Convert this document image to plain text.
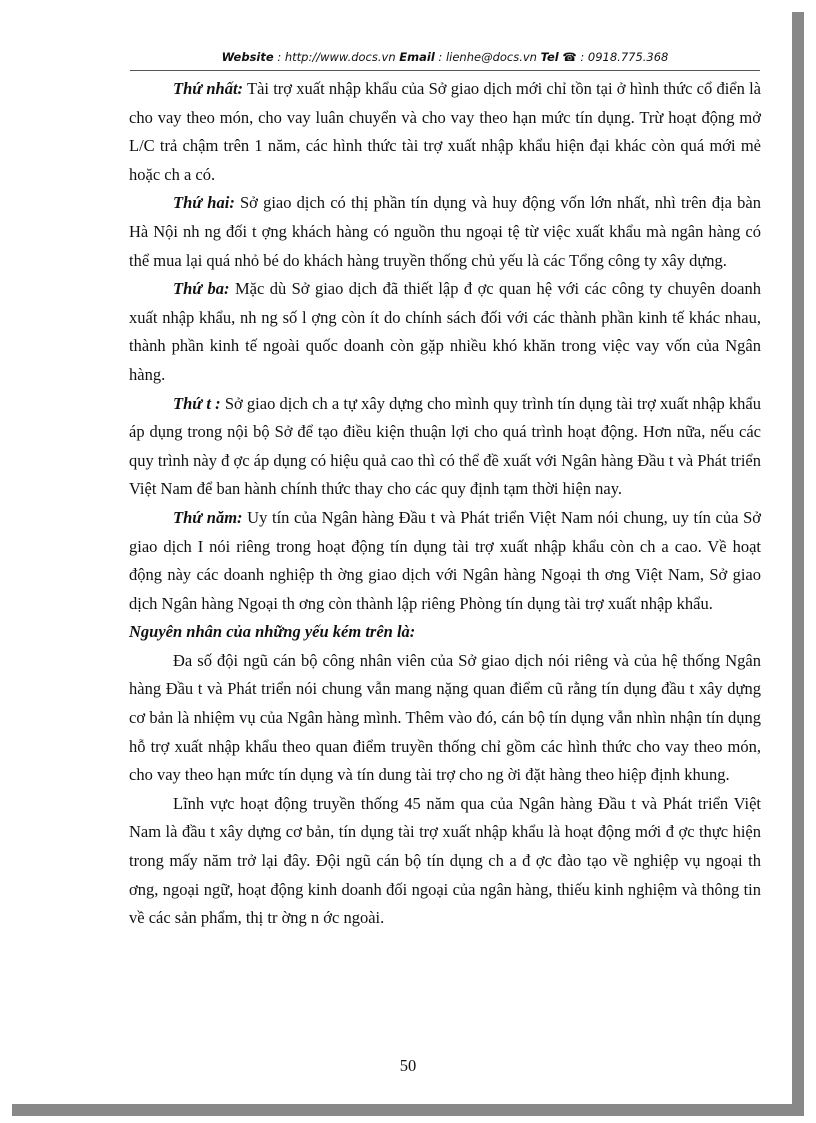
Website : http://www.docs.vn Email : lienhe@docs.vn Tel ☎ : 0918.775.368

Thứ nhất: Tài trợ xuất nhập khẩu của Sở giao dịch mới chỉ tồn tại ở hình thức cổ điển là cho vay theo món, cho vay luân chuyển và cho vay theo hạn mức tín dụng. Trừ hoạt động mở L/C trả chậm trên 1 năm, các hình thức tài trợ xuất nhập khẩu hiện đại khác còn quá mới mẻ hoặc ch a có.

Thứ hai: Sở giao dịch có thị phần tín dụng và huy động vốn lớn nhất, nhì trên địa bàn Hà Nội nh ng đối t ợng khách hàng có nguồn thu ngoại tệ từ việc xuất khẩu mà ngân hàng có thể mua lại quá nhỏ bé do khách hàng truyền thống chủ yếu là các Tổng công ty xây dựng.

Thứ ba: Mặc dù Sở giao dịch đã thiết lập đ ợc quan hệ với các công ty chuyên doanh xuất nhập khẩu, nh ng số l ợng còn ít do chính sách đối với các thành phần kinh tế khác nhau, thành phần kinh tế ngoài quốc doanh còn gặp nhiều khó khăn trong việc vay vốn của Ngân hàng.

Thứ t : Sở giao dịch ch a tự xây dựng cho mình quy trình tín dụng tài trợ xuất nhập khẩu áp dụng trong nội bộ Sở để tạo điều kiện thuận lợi cho quá trình hoạt động. Hơn nữa, nếu các quy trình này đ ợc áp dụng có hiệu quả cao thì có thể đề xuất với Ngân hàng Đầu t và Phát triển Việt Nam để ban hành chính thức thay cho các quy định tạm thời hiện nay.

Thứ năm: Uy tín của Ngân hàng Đầu t và Phát triển Việt Nam nói chung, uy tín của Sở giao dịch I nói riêng trong hoạt động tín dụng tài trợ xuất nhập khẩu còn ch a cao. Về hoạt động này các doanh nghiệp th ờng giao dịch với Ngân hàng Ngoại th ơng Việt Nam, Sở giao dịch Ngân hàng Ngoại th ơng còn thành lập riêng Phòng tín dụng tài trợ xuất nhập khẩu.

Nguyên nhân của những yếu kém trên là:

Đa số đội ngũ cán bộ công nhân viên của Sở giao dịch nói riêng và của hệ thống Ngân hàng Đầu t và Phát triển nói chung vẫn mang nặng quan điểm cũ rằng tín dụng đầu t xây dựng cơ bản là nhiệm vụ của Ngân hàng mình. Thêm vào đó, cán bộ tín dụng vẫn nhìn nhận tín dụng hỗ trợ xuất nhập khẩu theo quan điểm truyền thống chỉ gồm các hình thức cho vay theo món, cho vay theo hạn mức tín dụng và tín dung tài trợ cho ng ời đặt hàng theo hiệp định khung.

Lĩnh vực hoạt động truyền thống 45 năm qua của Ngân hàng Đầu t và Phát triển Việt Nam là đầu t xây dựng cơ bản, tín dụng tài trợ xuất nhập khẩu là hoạt động mới đ ợc thực hiện trong mấy năm trở lại đây. Đội ngũ cán bộ tín dụng ch a đ ợc đào tạo về nghiệp vụ ngoại th ơng, ngoại ngữ, hoạt động kinh doanh đối ngoại của ngân hàng, thiếu kinh nghiệm và thông tin về các sản phẩm, thị tr ờng n ớc ngoài.

50
